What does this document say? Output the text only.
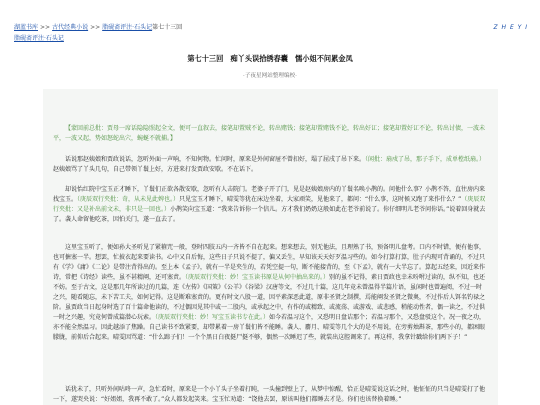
湖蓝书库 >> 古代经典小说 >> 脂砚斋评注·石头记第七十三回
脂砚斋评注·石头记
Z H E Y I
第七十三回　痴丫头误拾绣春囊　懦小姐不问累金凤
·子夜星网站整理编校·

【蒙回前总批：贾母一席话隐隐照起全文，便可一直叙去，接笔却置贼不论，转出赌钱；接笔却置赌钱不论，转出好讧；接笔却置好讧不论，转出讨债，一波未平，一波又起，势如怒蛇出穴，蜿蜒不就捕。】

话说那赵姨娘和贾政说话，忽听外面一声响，不知何物。忙问时，原来是外间窗屉不曾扣好，塌了屈戌了吊下来。（闲批：扇戍了吊，那子手下，成单樘纸扇。）赵姨娘骂了丫头几句，自己带领丫鬟上好，方进来打发贾政安歇。不在话下。

却说怡红院中宝玉正才睡下，丫鬟们正欲各散安歇，忽听有人击院门。老婆子开了门，见是赵姨娘房内的丫鬟名唤小鹊的。问他什么事？小鹊不答，直往房内来找宝玉。（庚辰双行夹批：奇，从未见此婢也。）只见宝玉才睡下，晴雯等犹在床边坐着，大家顽笑，见他来了，都问：“什么事，这时候又跑了来作什么？”（庚辰双行夹批：又是补出前文未，非只是一回也。）小鹊笑向宝玉道：“我来告诉你一个信儿。方才我们奶奶这般如此在老爷前说了。你仔细明儿老爷问你话。”说着回身就去了。袭人命留他吃茶，因怕关门，遂一直去了。

这里宝玉听了，便如孙大圣听见了紧箍咒一般，登时四肢五内一齐皆不自在起来。想来想去，别无他法，且理熟了书，预备明儿盘考。口内不时错，便有他事，也可搪塞一半。想罢，忙披衣起来要读书。心中又自后悔，这些日子只说不提了，偏又丢生，早知该天天好歹温习些的。如今打算打算，肚子内现可背诵的，不过只有《学》《庸》《二论》是带注背得出的。至上本《孟子》，就有一半是夹生的，若凭空提一句，断不能接背的，至《下孟》，就有一大半忘了。算起五经来，因近来作诗，常把《诗经》读些，虽不甚精阐，还可塞责。（庚辰双行夹批：妙！宝玉读书原是从何中抽出来的。）别的虽不记得，素日贾政也幸未吩咐过读的，纵不知，也还不妨。至于古文，这是那几年所读过的几篇，连《左传》《国策》《公羊》《谷梁》汉唐等文，不过几十篇，这几年竟未曾温得半篇片语，虽闲时也曾遍阅，不过一时之兴，随看随忘，未下苦工夫，如何记得。这是断难塞责的。更有时文八股一道，因平素深恶此道，原非圣贤之制撰，焉能阐发圣贤之微奥，不过作后人饵名钓禄之阶。虽贾政当日起身时选了百十篇命他读的，不过偶因见其中或一二股内，或承起之中，有作的或精致、或流荡、或游戏、或悲感，稍能动性者，偶一读之，不过供一时之兴趣，究竟何曾成篇潜心玩索。（庚辰双行夹批：妙！写宝玉读书专在此。）如今若温习这个，又恐明日盘诘那个；若温习那个，又恐盘驳这个。况一夜之功，亦不能全然温习。因此越添了焦躁。自己读书不致紧要，却带累着一房丫鬟们皆不能睡。袭人、麝月、晴雯等几个大的是不用说，在旁剪烛斟茶，那些小的，都困眼朦胧，前仰后合起来。晴雯因骂道：“什么蹄子们！一个个黑日白夜挺尸挺不够，偶然一次睡迟了些，就装出这腔调来了。再这样，我拿针戳给你们两下子！”

话犹未了，只听外间咕咚一声，急忙看时，原来是一个小丫头子坐着打盹，一头撞到壁上了，从梦中惊醒，恰正是晴雯说这话之时，他怔怔的只当是晴雯打了他一下，遂哭央说：“好姐姐，我再不敢了。”众人都发起笑来。宝玉忙劝道：“饶他去罢，原该叫他们都睡去才是。你们也该替换着睡。”
